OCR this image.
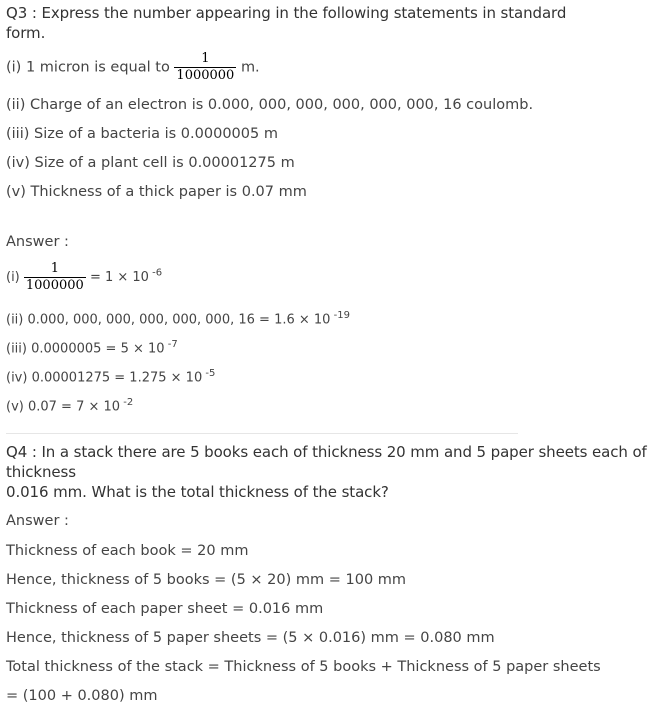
Q3 : Express the number appearing in the following statements in standard
form.
(i) 1 micron is equal to $\frac{1}{1000000} m$.
(ii) Charge of an electron is 0.000, 000, 000, 000, 000, 000, 16 coulomb.
(iii) Size of a bacteria is 0.0000005 m
(iv) Size of a plant cell is 0.00001275 m
(v) Thickness of a thick paper is 0.07 mm
Answer :
$(i) \frac{1}{1000000} = 1 \times 10$ $^{-6}$
(ii) 0.000, 000, 000, 000, 000, 000, 16 = 1.6 × 10 $^{-19}$
(iii) 0.0000005 = 5 × 10 $^{-7}$
(iv) 0.00001275 = 1.275 × 10 $^{-5}$
(v) 0.07 = 7 × 10 $^{-2}$
Q4 : In a stack there are 5 books each of thickness 20 mm and 5 paper sheets each of thickness
0.016 mm. What is the total thickness of the stack?
Answer :
Thickness of each book = 20 mm
Hence, thickness of 5 books = (5 × 20) mm = 100 mm
Thickness of each paper sheet = 0.016 mm
Hence, thickness of 5 paper sheets = (5 × 0.016) mm = 0.080 mm
Total thickness of the stack = Thickness of 5 books + Thickness of 5 paper sheets
= (100 + 0.080) mm
